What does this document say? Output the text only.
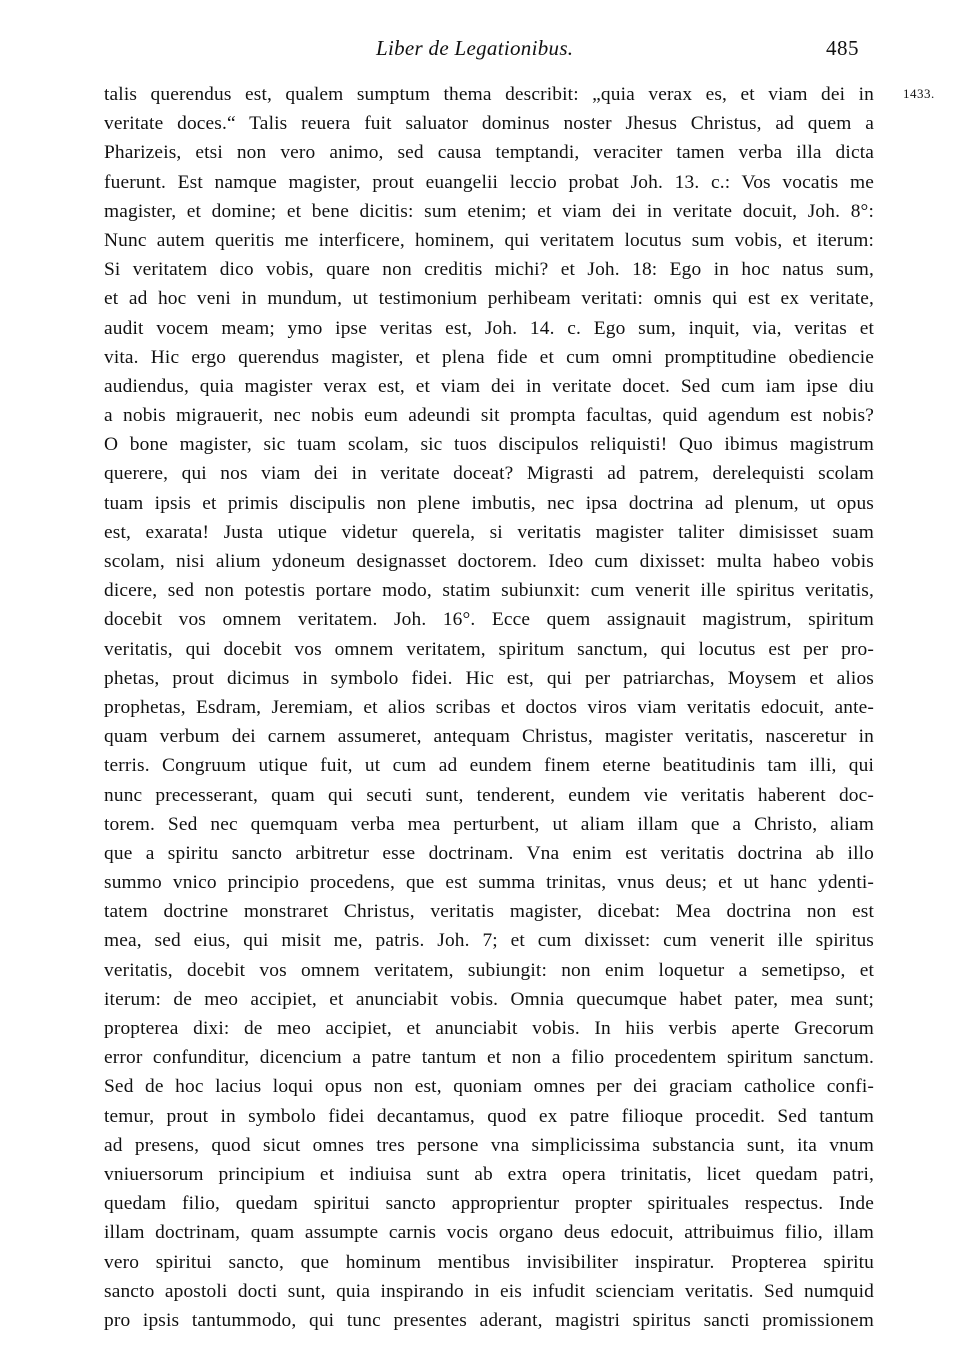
Liber de Legationibus.	485
1433.
talis querendus est, qualem sumptum thema describit: „quia verax es, et viam dei in
veritate doces.“ Talis reuera fuit saluator dominus noster Jhesus Christus, ad quem a
Pharizeis, etsi non vero animo, sed causa temptandi, veraciter tamen verba illa dicta
fuerunt. Est namque magister, prout euangelii leccio probat Joh. 13. c.: Vos vocatis me
magister, et domine; et bene dicitis: sum etenim; et viam dei in veritate docuit, Joh. 8°:
Nunc autem queritis me interficere, hominem, qui veritatem locutus sum vobis, et iterum:
Si veritatem dico vobis, quare non creditis michi? et Joh. 18: Ego in hoc natus sum,
et ad hoc veni in mundum, ut testimonium perhibeam veritati: omnis qui est ex veritate,
audit vocem meam; ymo ipse veritas est, Joh. 14. c. Ego sum, inquit, via, veritas et
vita. Hic ergo querendus magister, et plena fide et cum omni promptitudine obediencie
audiendus, quia magister verax est, et viam dei in veritate docet. Sed cum iam ipse diu
a nobis migrauerit, nec nobis eum adeundi sit prompta facultas, quid agendum est nobis?
O bone magister, sic tuam scolam, sic tuos discipulos reliquisti! Quo ibimus magistrum
querere, qui nos viam dei in veritate doceat? Migrasti ad patrem, derelequisti scolam
tuam ipsis et primis discipulis non plene imbutis, nec ipsa doctrina ad plenum, ut opus
est, exarata! Justa utique videtur querela, si veritatis magister taliter dimisisset suam
scolam, nisi alium ydoneum designasset doctorem. Ideo cum dixisset: multa habeo vobis
dicere, sed non potestis portare modo, statim subiunxit: cum venerit ille spiritus veritatis,
docebit vos omnem veritatem. Joh. 16°. Ecce quem assignauit magistrum, spiritum
veritatis, qui docebit vos omnem veritatem, spiritum sanctum, qui locutus est per pro-
phetas, prout dicimus in symbolo fidei. Hic est, qui per patriarchas, Moysem et alios
prophetas, Esdram, Jeremiam, et alios scribas et doctos viros viam veritatis edocuit, ante-
quam verbum dei carnem assumeret, antequam Christus, magister veritatis, nasceretur in
terris. Congruum utique fuit, ut cum ad eundem finem eterne beatitudinis tam illi, qui
nunc precesserant, quam qui secuti sunt, tenderent, eundem vie veritatis haberent doc-
torem. Sed nec quemquam verba mea perturbent, ut aliam illam que a Christo, aliam
que a spiritu sancto arbitretur esse doctrinam. Vna enim est veritatis doctrina ab illo
summo vnico principio procedens, que est summa trinitas, vnus deus; et ut hanc ydenti-
tatem doctrine monstraret Christus, veritatis magister, dicebat: Mea doctrina non est
mea, sed eius, qui misit me, patris. Joh. 7; et cum dixisset: cum venerit ille spiritus
veritatis, docebit vos omnem veritatem, subiungit: non enim loquetur a semetipso, et
iterum: de meo accipiet, et anunciabit vobis. Omnia quecumque habet pater, mea sunt;
propterea dixi: de meo accipiet, et anunciabit vobis. In hiis verbis aperte Grecorum
error confunditur, dicencium a patre tantum et non a filio procedentem spiritum sanctum.
Sed de hoc lacius loqui opus non est, quoniam omnes per dei graciam catholice confi-
temur, prout in symbolo fidei decantamus, quod ex patre filioque procedit. Sed tantum
ad presens, quod sicut omnes tres persone vna simplicissima substancia sunt, ita vnum
vniuersorum principium et indiuisa sunt ab extra opera trinitatis, licet quedam patri,
quedam filio, quedam spiritui sancto approprientur propter spirituales respectus. Inde
illam doctrinam, quam assumpte carnis vocis organo deus edocuit, attribuimus filio, illam
vero spiritui sancto, que hominum mentibus invisibiliter inspiratur. Propterea spiritu
sancto apostoli docti sunt, quia inspirando in eis infudit scienciam veritatis. Sed numquid
pro ipsis tantummodo, qui tunc presentes aderant, magistri spiritus sancti promissionem
